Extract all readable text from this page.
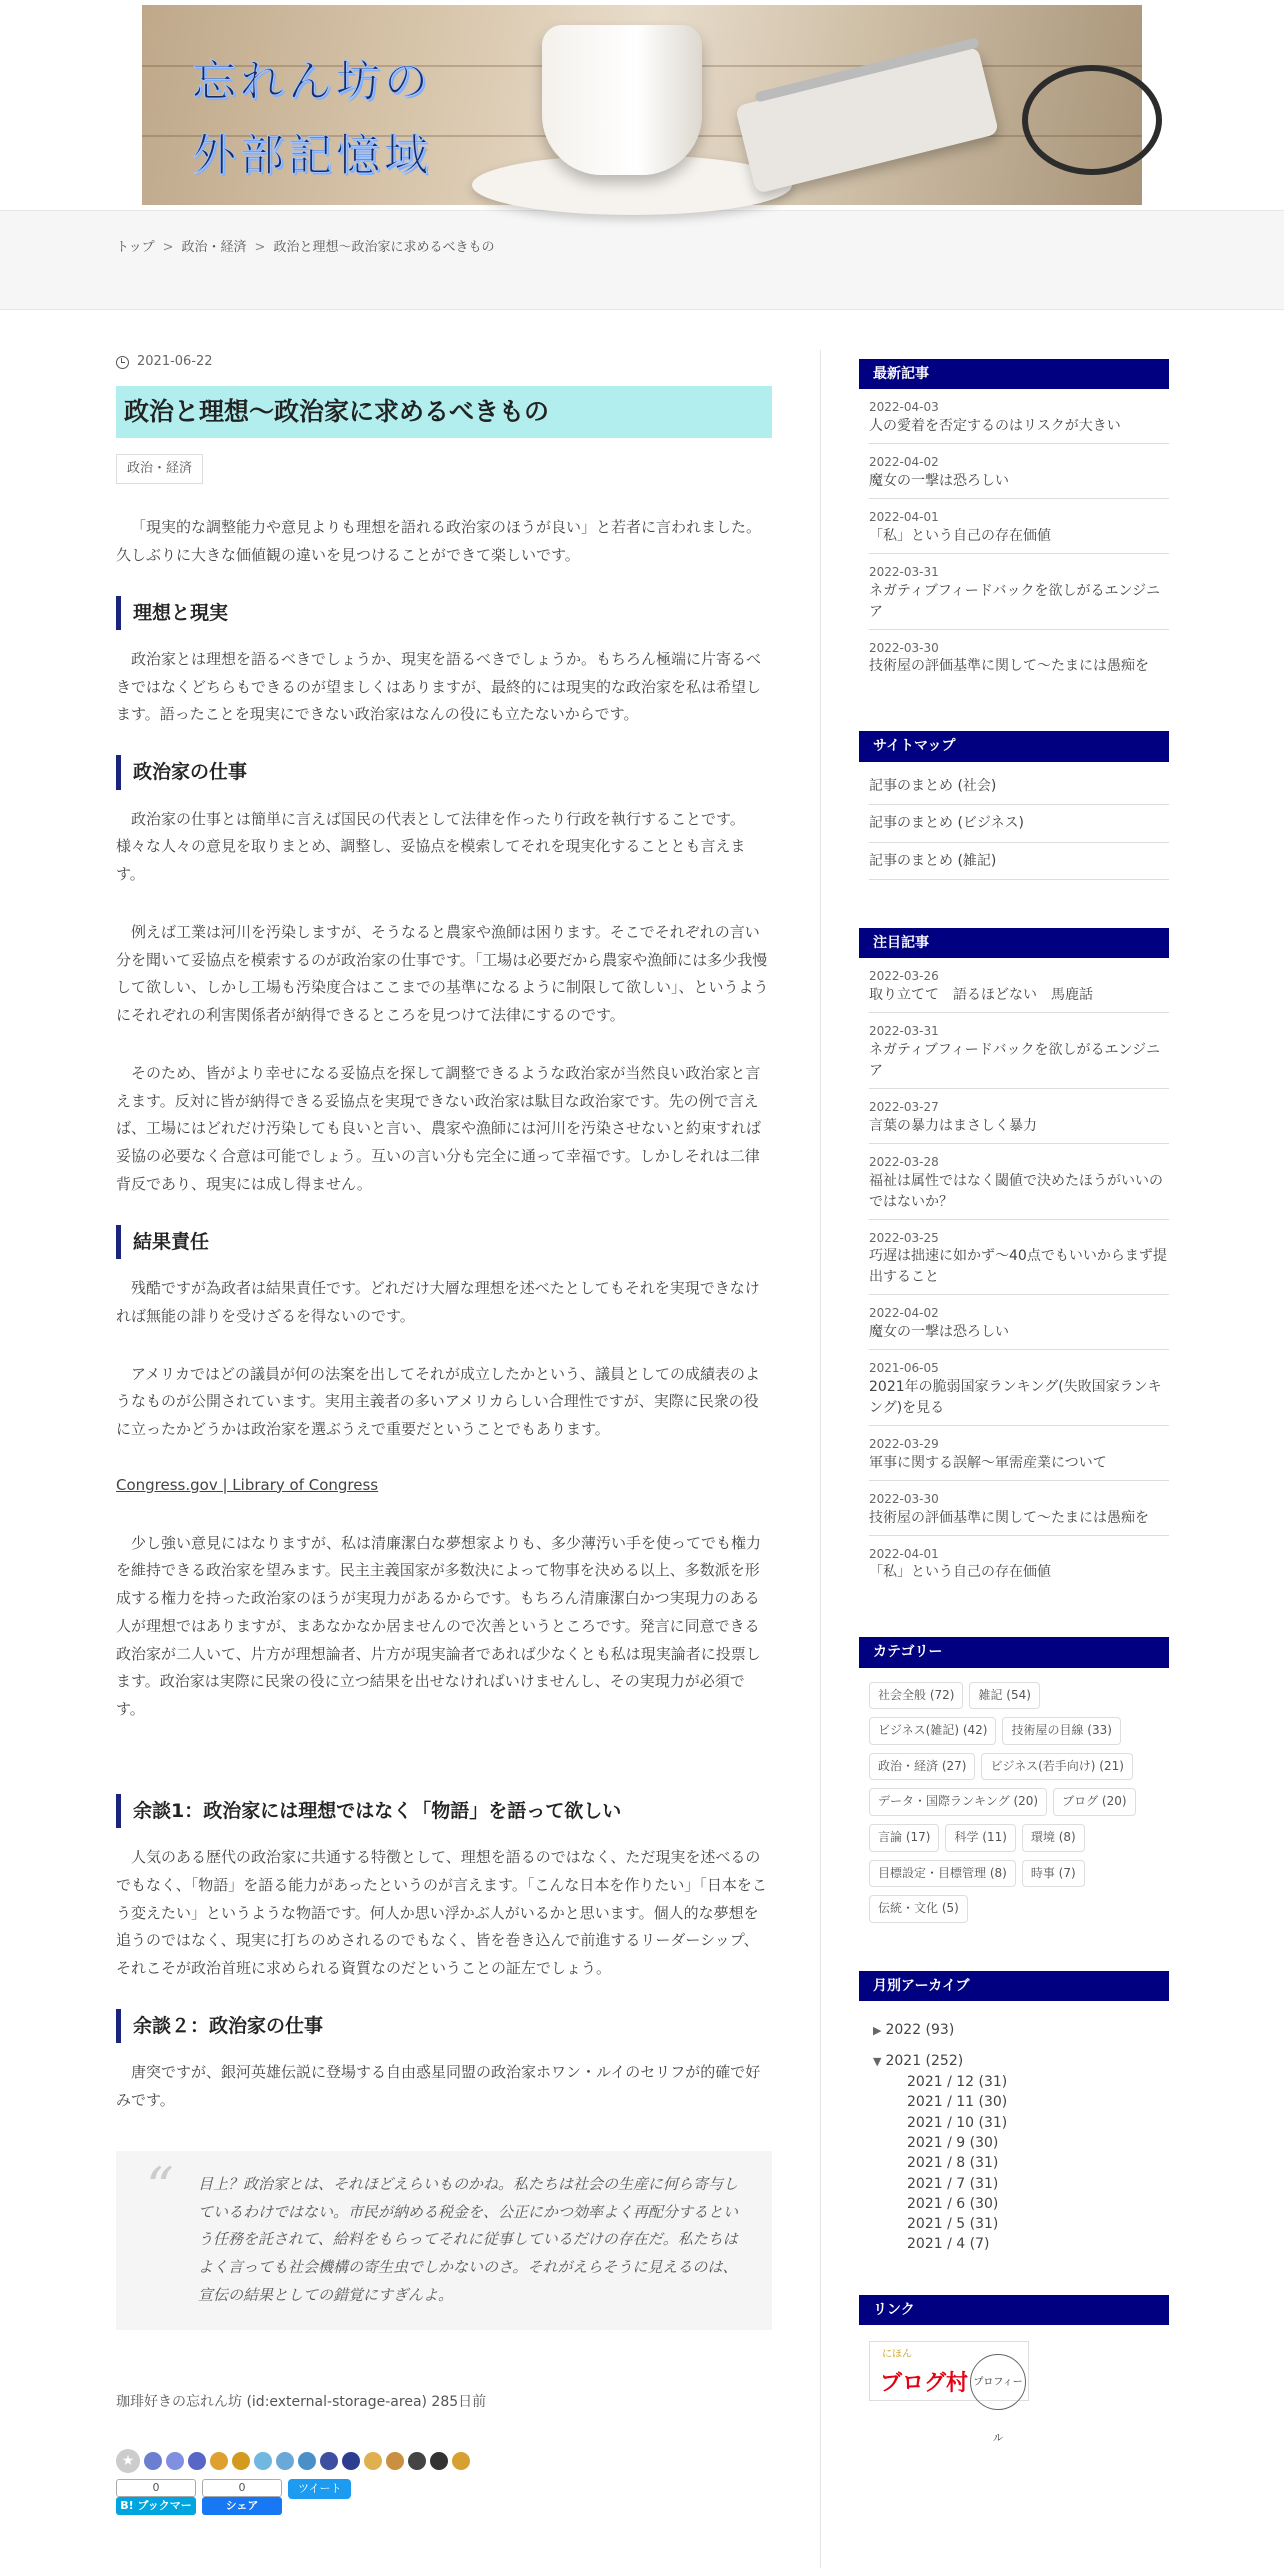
忘れん坊の
外部記憶域
トップ > 政治・経済 > 政治と理想～政治家に求めるべきもの
2021-06-22
政治と理想～政治家に求めるべきもの
政治・経済

「現実的な調整能力や意見よりも理想を語れる政治家のほうが良い」と若者に言われました。久しぶりに大きな価値観の違いを見つけることができて楽しいです。

理想と現実

政治家とは理想を語るべきでしょうか、現実を語るべきでしょうか。もちろん極端に片寄るべきではなくどちらもできるのが望ましくはありますが、最終的には現実的な政治家を私は希望します。語ったことを現実にできない政治家はなんの役にも立たないからです。

政治家の仕事

政治家の仕事とは簡単に言えば国民の代表として法律を作ったり行政を執行することです。様々な人々の意見を取りまとめ、調整し、妥協点を模索してそれを現実化することとも言えます。

例えば工業は河川を汚染しますが、そうなると農家や漁師は困ります。そこでそれぞれの言い分を聞いて妥協点を模索するのが政治家の仕事です。「工場は必要だから農家や漁師には多少我慢して欲しい、しかし工場も汚染度合はここまでの基準になるように制限して欲しい」、というようにそれぞれの利害関係者が納得できるところを見つけて法律にするのです。

そのため、皆がより幸せになる妥協点を探して調整できるような政治家が当然良い政治家と言えます。反対に皆が納得できる妥協点を実現できない政治家は駄目な政治家です。先の例で言えば、工場にはどれだけ汚染しても良いと言い、農家や漁師には河川を汚染させないと約束すれば妥協の必要なく合意は可能でしょう。互いの言い分も完全に通って幸福です。しかしそれは二律背反であり、現実には成し得ません。

結果責任

残酷ですが為政者は結果責任です。どれだけ大層な理想を述べたとしてもそれを実現できなければ無能の誹りを受けざるを得ないのです。

アメリカではどの議員が何の法案を出してそれが成立したかという、議員としての成績表のようなものが公開されています。実用主義者の多いアメリカらしい合理性ですが、実際に民衆の役に立ったかどうかは政治家を選ぶうえで重要だということでもあります。

Congress.gov | Library of Congress

少し強い意見にはなりますが、私は清廉潔白な夢想家よりも、多少薄汚い手を使ってでも権力を維持できる政治家を望みます。民主主義国家が多数決によって物事を決める以上、多数派を形成する権力を持った政治家のほうが実現力があるからです。もちろん清廉潔白かつ実現力のある人が理想ではありますが、まあなかなか居ませんので次善というところです。発言に同意できる政治家が二人いて、片方が理想論者、片方が現実論者であれば少なくとも私は現実論者に投票します。政治家は実際に民衆の役に立つ結果を出せなければいけませんし、その実現力が必須です。

余談1：政治家には理想ではなく「物語」を語って欲しい

人気のある歴代の政治家に共通する特徴として、理想を語るのではなく、ただ現実を述べるのでもなく、「物語」を語る能力があったというのが言えます。「こんな日本を作りたい」「日本をこう変えたい」というような物語です。何人か思い浮かぶ人がいるかと思います。個人的な夢想を追うのではなく、現実に打ちのめされるのでもなく、皆を巻き込んで前進するリーダーシップ、それこそが政治首班に求められる資質なのだということの証左でしょう。

余談２：政治家の仕事

唐突ですが、銀河英雄伝説に登場する自由惑星同盟の政治家ホワン・ルイのセリフが的確で好みです。

“ 目上？政治家とは、それほどえらいものかね。私たちは社会の生産に何ら寄与しているわけではない。市民が納める税金を、公正にかつ効率よく再配分するという任務を託されて、給料をもらってそれに従事しているだけの存在だ。私たちはよく言っても社会機構の寄生虫でしかないのさ。それがえらそうに見えるのは、宣伝の結果としての錯覚にすぎんよ。

珈琲好きの忘れん坊 (id:external-storage-area) 285日前

★
0
B! ブックマーク
0
シェア
ツイート
最新記事
2022-04-03
人の愛着を否定するのはリスクが大きい
2022-04-02
魔女の一撃は恐ろしい
2022-04-01
「私」という自己の存在価値
2022-03-31
ネガティブフィードバックを欲しがるエンジニア
2022-03-30
技術屋の評価基準に関して～たまには愚痴を
サイトマップ
記事のまとめ (社会)
記事のまとめ (ビジネス)
記事のまとめ (雑記)
注目記事
2022-03-26
取り立てて　語るほどない　馬鹿話
2022-03-31
ネガティブフィードバックを欲しがるエンジニア
2022-03-27
言葉の暴力はまさしく暴力
2022-03-28
福祉は属性ではなく閾値で決めたほうがいいのではないか？
2022-03-25
巧遅は拙速に如かず～40点でもいいからまず提出すること
2022-04-02
魔女の一撃は恐ろしい
2021-06-05
2021年の脆弱国家ランキング(失敗国家ランキング)を見る
2022-03-29
軍事に関する誤解～軍需産業について
2022-03-30
技術屋の評価基準に関して～たまには愚痴を
2022-04-01
「私」という自己の存在価値
カテゴリー
社会全般 (72)	雑記 (54)
ビジネス(雑記) (42)	技術屋の目線 (33)
政治・経済 (27)	ビジネス(若手向け) (21)
データ・国際ランキング (20)	ブログ (20)
言論 (17)	科学 (11)	環境 (8)
目標設定・目標管理 (8)	時事 (7)
伝統・文化 (5)
月別アーカイブ
▶ 2022 (93)
▼ 2021 (252)
2021 / 12 (31)
2021 / 11 (30)
2021 / 10 (31)
2021 / 9 (30)
2021 / 8 (31)
2021 / 7 (31)
2021 / 6 (30)
2021 / 5 (31)
2021 / 4 (7)
リンク
にほん
ブログ村 プロフィール
